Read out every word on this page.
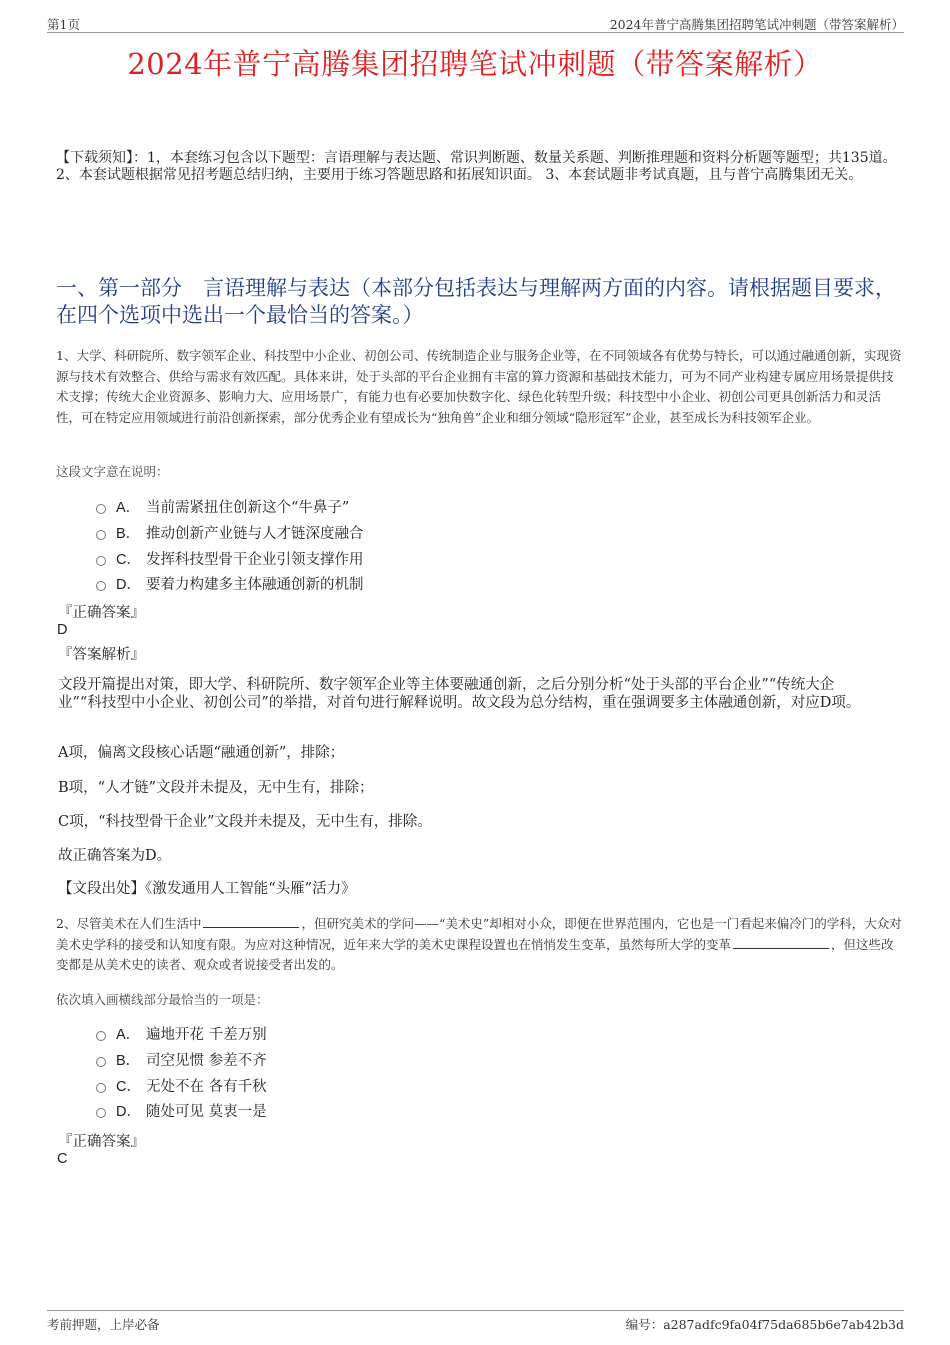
第1页	2024年普宁高腾集团招聘笔试冲刺题（带答案解析）
2024年普宁高腾集团招聘笔试冲刺题（带答案解析）
【下载须知】：1，本套练习包含以下题型：言语理解与表达题、常识判断题、数量关系题、判断推理题和资料分析题等题型；共135道。 2、本套试题根据常见招考题总结归纳，主要用于练习答题思路和拓展知识面。 3、本套试题非考试真题，且与普宁高腾集团无关。
一、第一部分　言语理解与表达（本部分包括表达与理解两方面的内容。请根据题目要求，在四个选项中选出一个最恰当的答案。）
1、大学、科研院所、数字领军企业、科技型中小企业、初创公司、传统制造企业与服务企业等，在不同领域各有优势与特长，可以通过融通创新，实现资源与技术有效整合、供给与需求有效匹配。具体来讲，处于头部的平台企业拥有丰富的算力资源和基础技术能力，可为不同产业构建专属应用场景提供技术支撑；传统大企业资源多、影响力大、应用场景广，有能力也有必要加快数字化、绿色化转型升级；科技型中小企业、初创公司更具创新活力和灵活性，可在特定应用领域进行前沿创新探索，部分优秀企业有望成长为“独角兽”企业和细分领域“隐形冠军”企业，甚至成长为科技领军企业。
这段文字意在说明：
A． 当前需紧扭住创新这个“牛鼻子”
B． 推动创新产业链与人才链深度融合
C． 发挥科技型骨干企业引领支撑作用
D． 要着力构建多主体融通创新的机制
『正确答案』
D
『答案解析』
文段开篇提出对策，即大学、科研院所、数字领军企业等主体要融通创新，之后分别分析“处于头部的平台企业”“传统大企业”“科技型中小企业、初创公司”的举措，对首句进行解释说明。故文段为总分结构，重在强调要多主体融通创新，对应D项。
A项，偏离文段核心话题“融通创新”，排除；
B项，“人才链”文段并未提及，无中生有，排除；
C项，“科技型骨干企业”文段并未提及，无中生有，排除。
故正确答案为D。
【文段出处】《激发通用人工智能“头雁”活力》
2、尽管美术在人们生活中	，但研究美术的学问——“美术史”却相对小众，即便在世界范围内，它也是一门看起来偏冷门的学科，大众对美术史学科的接受和认知度有限。为应对这种情况，近年来大学的美术史课程设置也在悄悄发生变革，虽然每所大学的变革	，但这些改变都是从美术史的读者、观众或者说接受者出发的。
依次填入画横线部分最恰当的一项是：
A． 遍地开花 千差万别
B． 司空见惯 参差不齐
C． 无处不在 各有千秋
D． 随处可见 莫衷一是
『正确答案』
C
考前押题，上岸必备	编号：a287adfc9fa04f75da685b6e7ab42b3d
